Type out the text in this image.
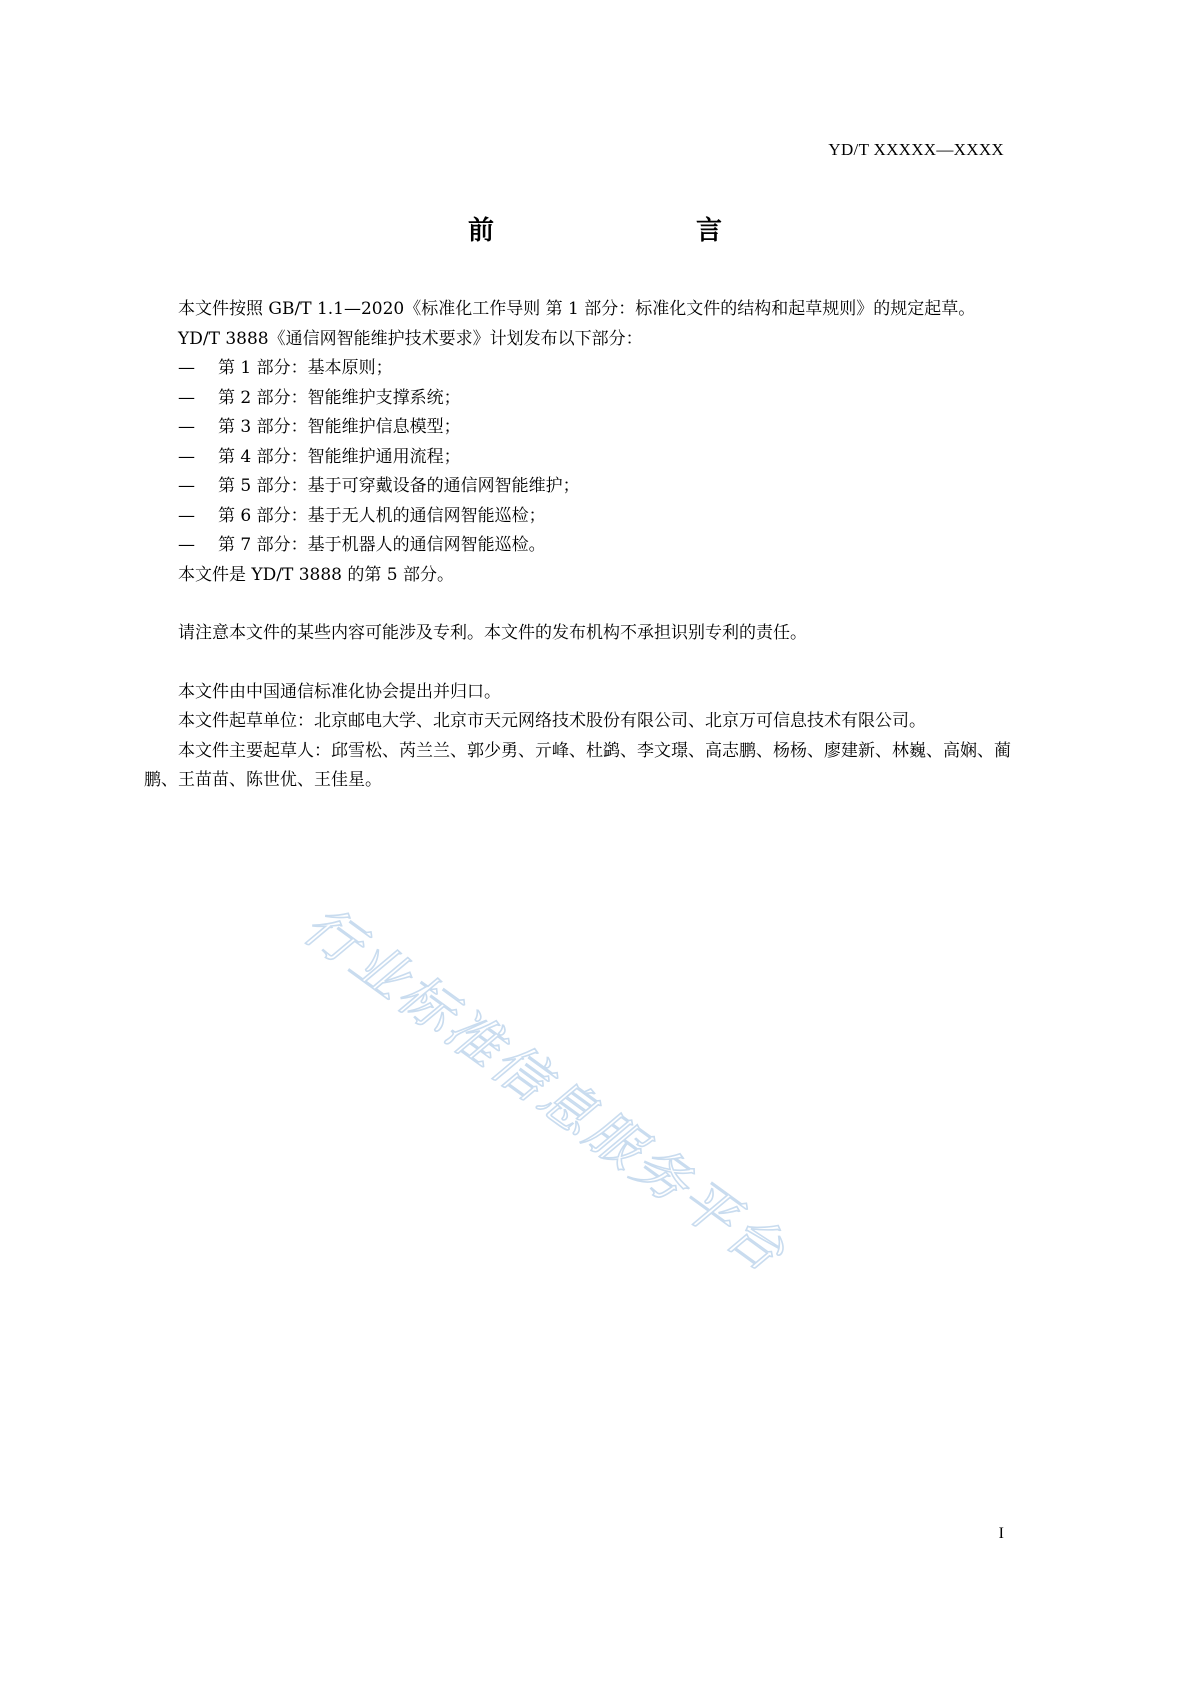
YD/T XXXXX—XXXX
前　　言

本文件按照 GB/T 1.1—2020《标准化工作导则 第 1 部分：标准化文件的结构和起草规则》的规定起草。

YD/T 3888《通信网智能维护技术要求》计划发布以下部分：

—	第 1 部分：基本原则；
—	第 2 部分：智能维护支撑系统；
—	第 3 部分：智能维护信息模型；
—	第 4 部分：智能维护通用流程；
—	第 5 部分：基于可穿戴设备的通信网智能维护；
—	第 6 部分：基于无人机的通信网智能巡检；
—	第 7 部分：基于机器人的通信网智能巡检。

本文件是 YD/T 3888 的第 5 部分。

请注意本文件的某些内容可能涉及专利。本文件的发布机构不承担识别专利的责任。

本文件由中国通信标准化协会提出并归口。

本文件起草单位：北京邮电大学、北京市天元网络技术股份有限公司、北京万可信息技术有限公司。

本文件主要起草人：邱雪松、芮兰兰、郭少勇、亓峰、杜鹢、李文璟、高志鹏、杨杨、廖建新、林巍、高娴、蔺鹏、王苗苗、陈世优、王佳星。

行业标准信息服务平台
I
